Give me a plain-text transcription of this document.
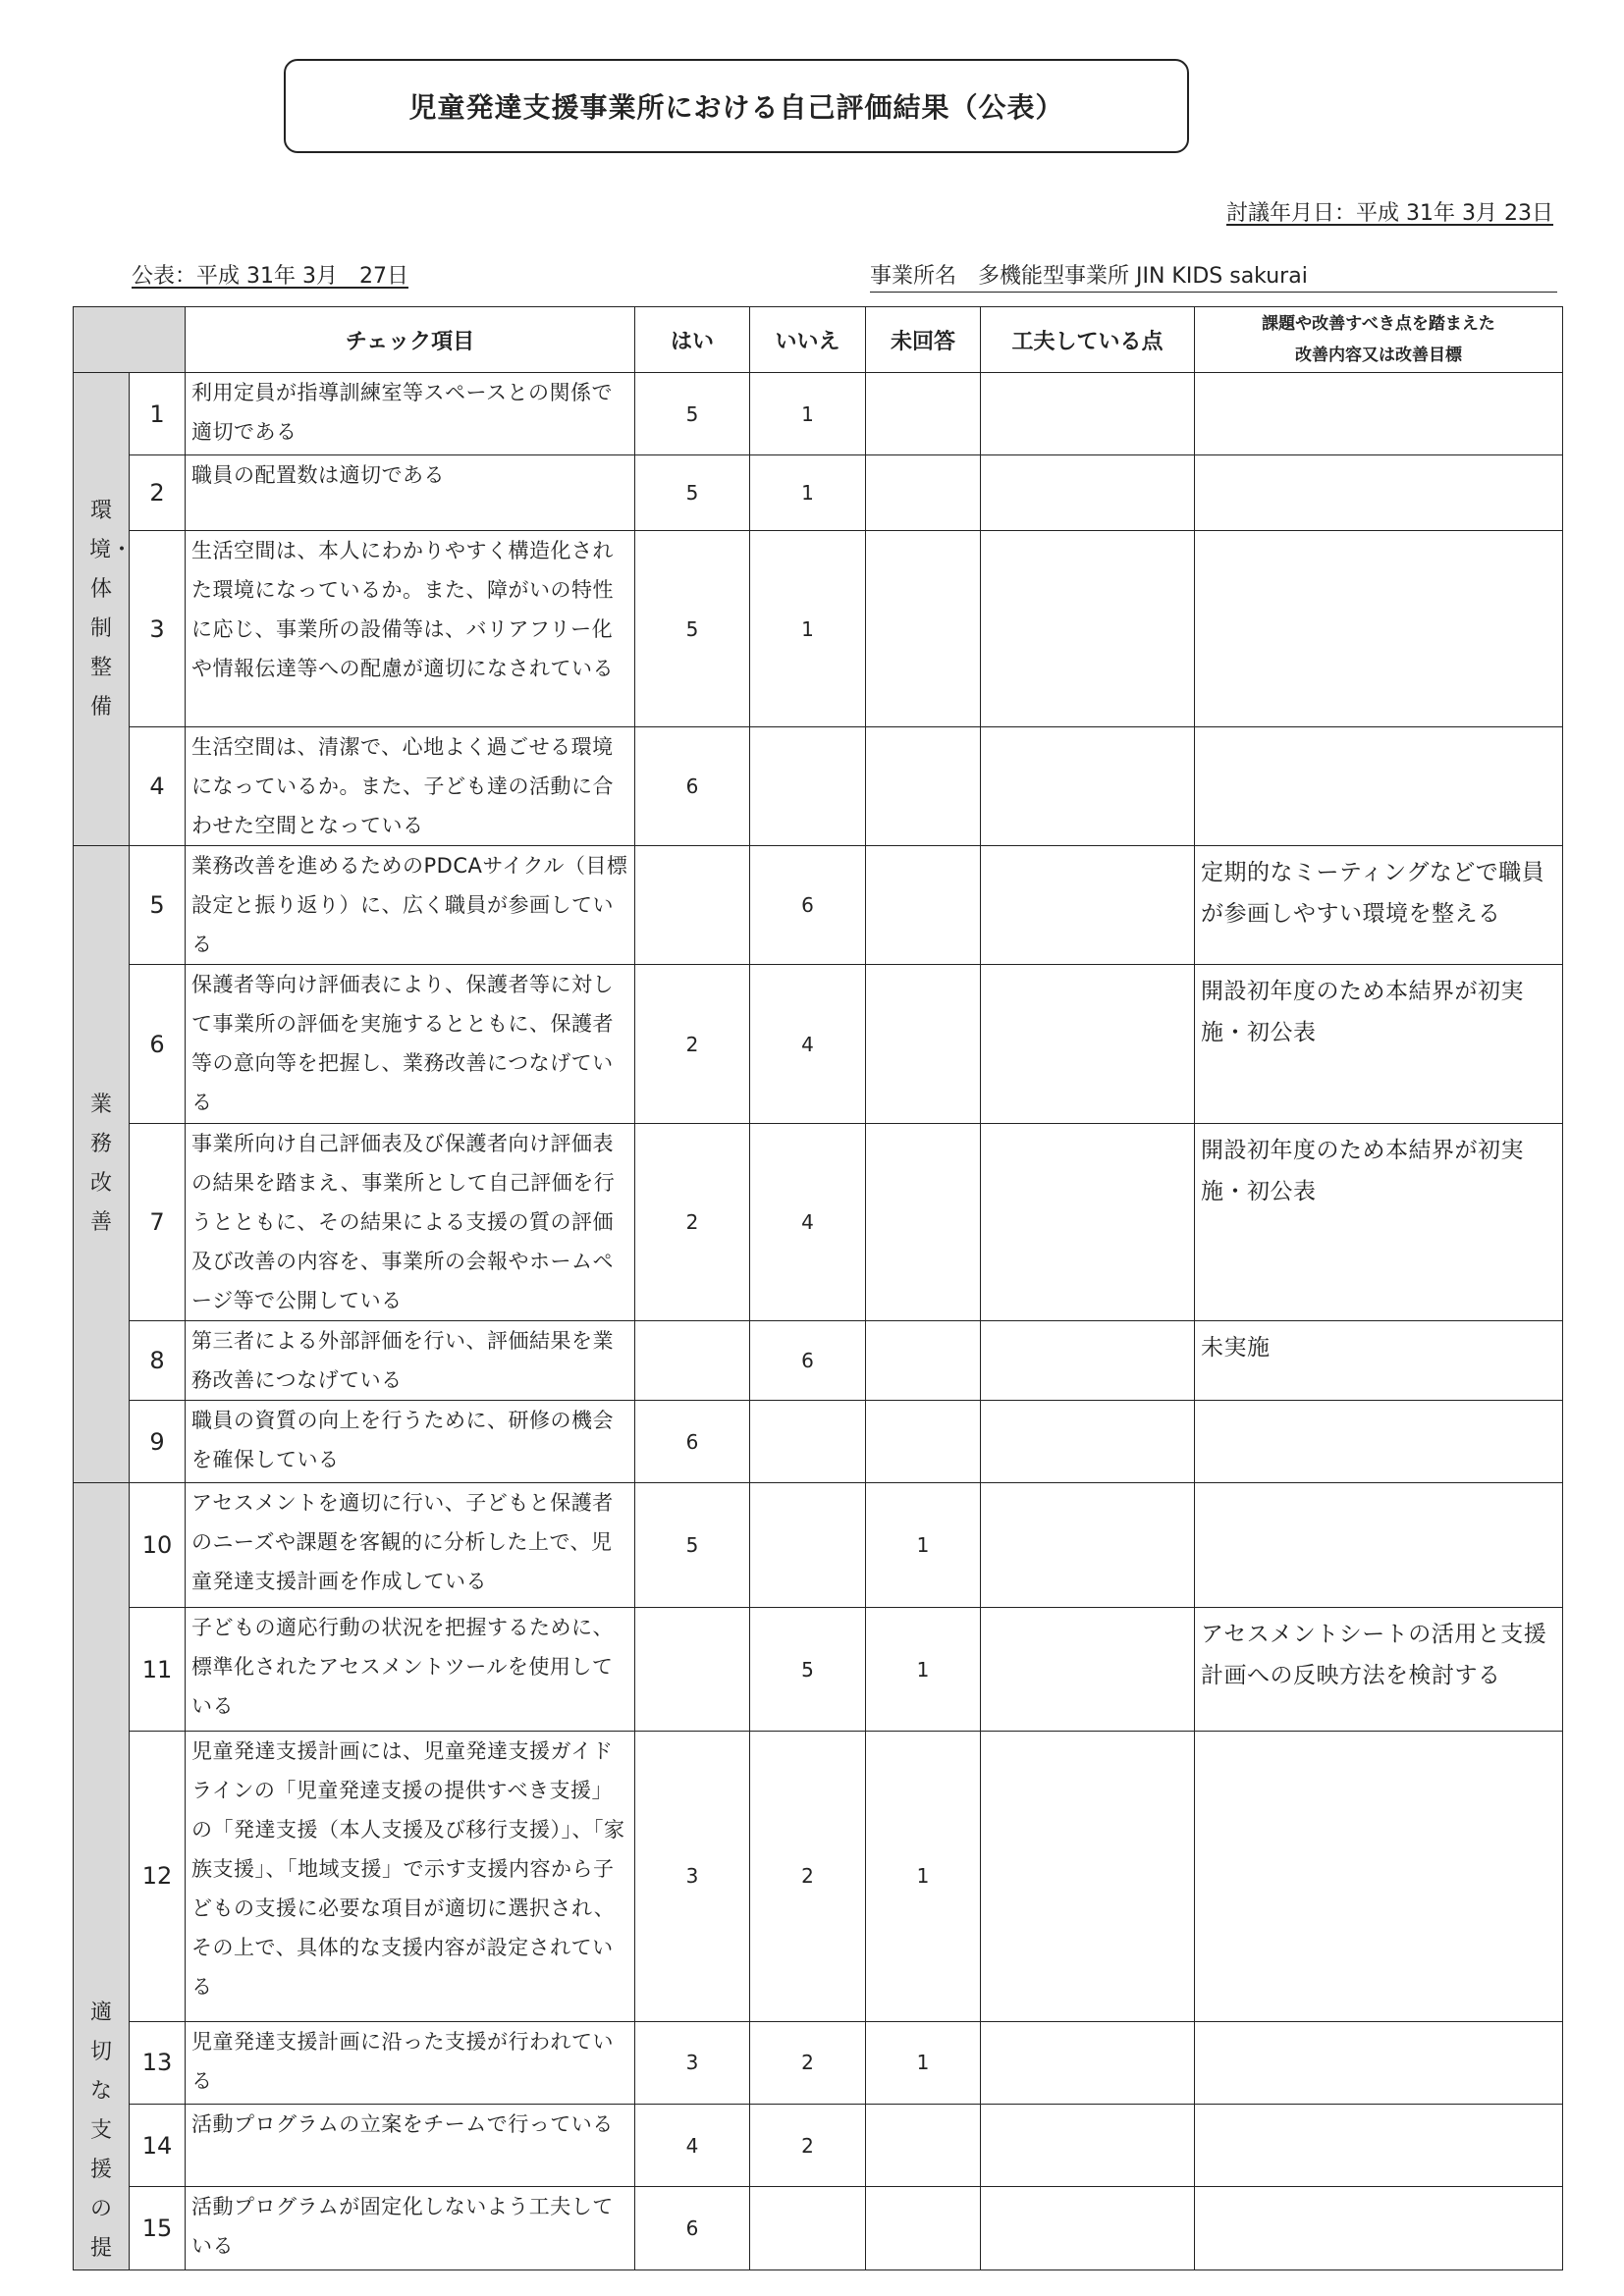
児童発達支援事業所における自己評価結果（公表）
討議年月日：平成 31年 3月 23日
公表：平成 31年 3月　27日	事業所名　多機能型事業所 JIN KIDS sakurai
		チェック項目	はい	いいえ	未回答	工夫している点	課題や改善すべき点を踏まえた
改善内容又は改善目標

環境・体制整備	1	利用定員が指導訓練室等スペースとの関係で適切である	5	1			
	2	職員の配置数は適切である	5	1			
	3	生活空間は、本人にわかりやすく構造化された環境になっているか。また、障がいの特性に応じ、事業所の設備等は、バリアフリー化や情報伝達等への配慮が適切になされている	5	1			
	4	生活空間は、清潔で、心地よく過ごせる環境になっているか。また、子ども達の活動に合わせた空間となっている	6				
業務改善	5	業務改善を進めるためのPDCAサイクル（目標設定と振り返り）に、広く職員が参画している		6			定期的なミーティングなどで職員が参画しやすい環境を整える
	6	保護者等向け評価表により、保護者等に対して事業所の評価を実施するとともに、保護者等の意向等を把握し、業務改善につなげている	2	4			開設初年度のため本結界が初実施・初公表
	7	事業所向け自己評価表及び保護者向け評価表の結果を踏まえ、事業所として自己評価を行うとともに、その結果による支援の質の評価及び改善の内容を、事業所の会報やホームページ等で公開している	2	4			開設初年度のため本結界が初実施・初公表
	8	第三者による外部評価を行い、評価結果を業務改善につなげている		6			未実施
	9	職員の資質の向上を行うために、研修の機会を確保している	6				
適切な支援の提	10	アセスメントを適切に行い、子どもと保護者のニーズや課題を客観的に分析した上で、児童発達支援計画を作成している	5		1		
	11	子どもの適応行動の状況を把握するために、標準化されたアセスメントツールを使用している		5	1		アセスメントシートの活用と支援計画への反映方法を検討する
	12	児童発達支援計画には、児童発達支援ガイドラインの「児童発達支援の提供すべき支援」の「発達支援（本人支援及び移行支援）」、「家族支援」、「地域支援」で示す支援内容から子どもの支援に必要な項目が適切に選択され、その上で、具体的な支援内容が設定されている	3	2	1		
	13	児童発達支援計画に沿った支援が行われている	3	2	1		
	14	活動プログラムの立案をチームで行っている	4	2			
	15	活動プログラムが固定化しないよう工夫している	6				
